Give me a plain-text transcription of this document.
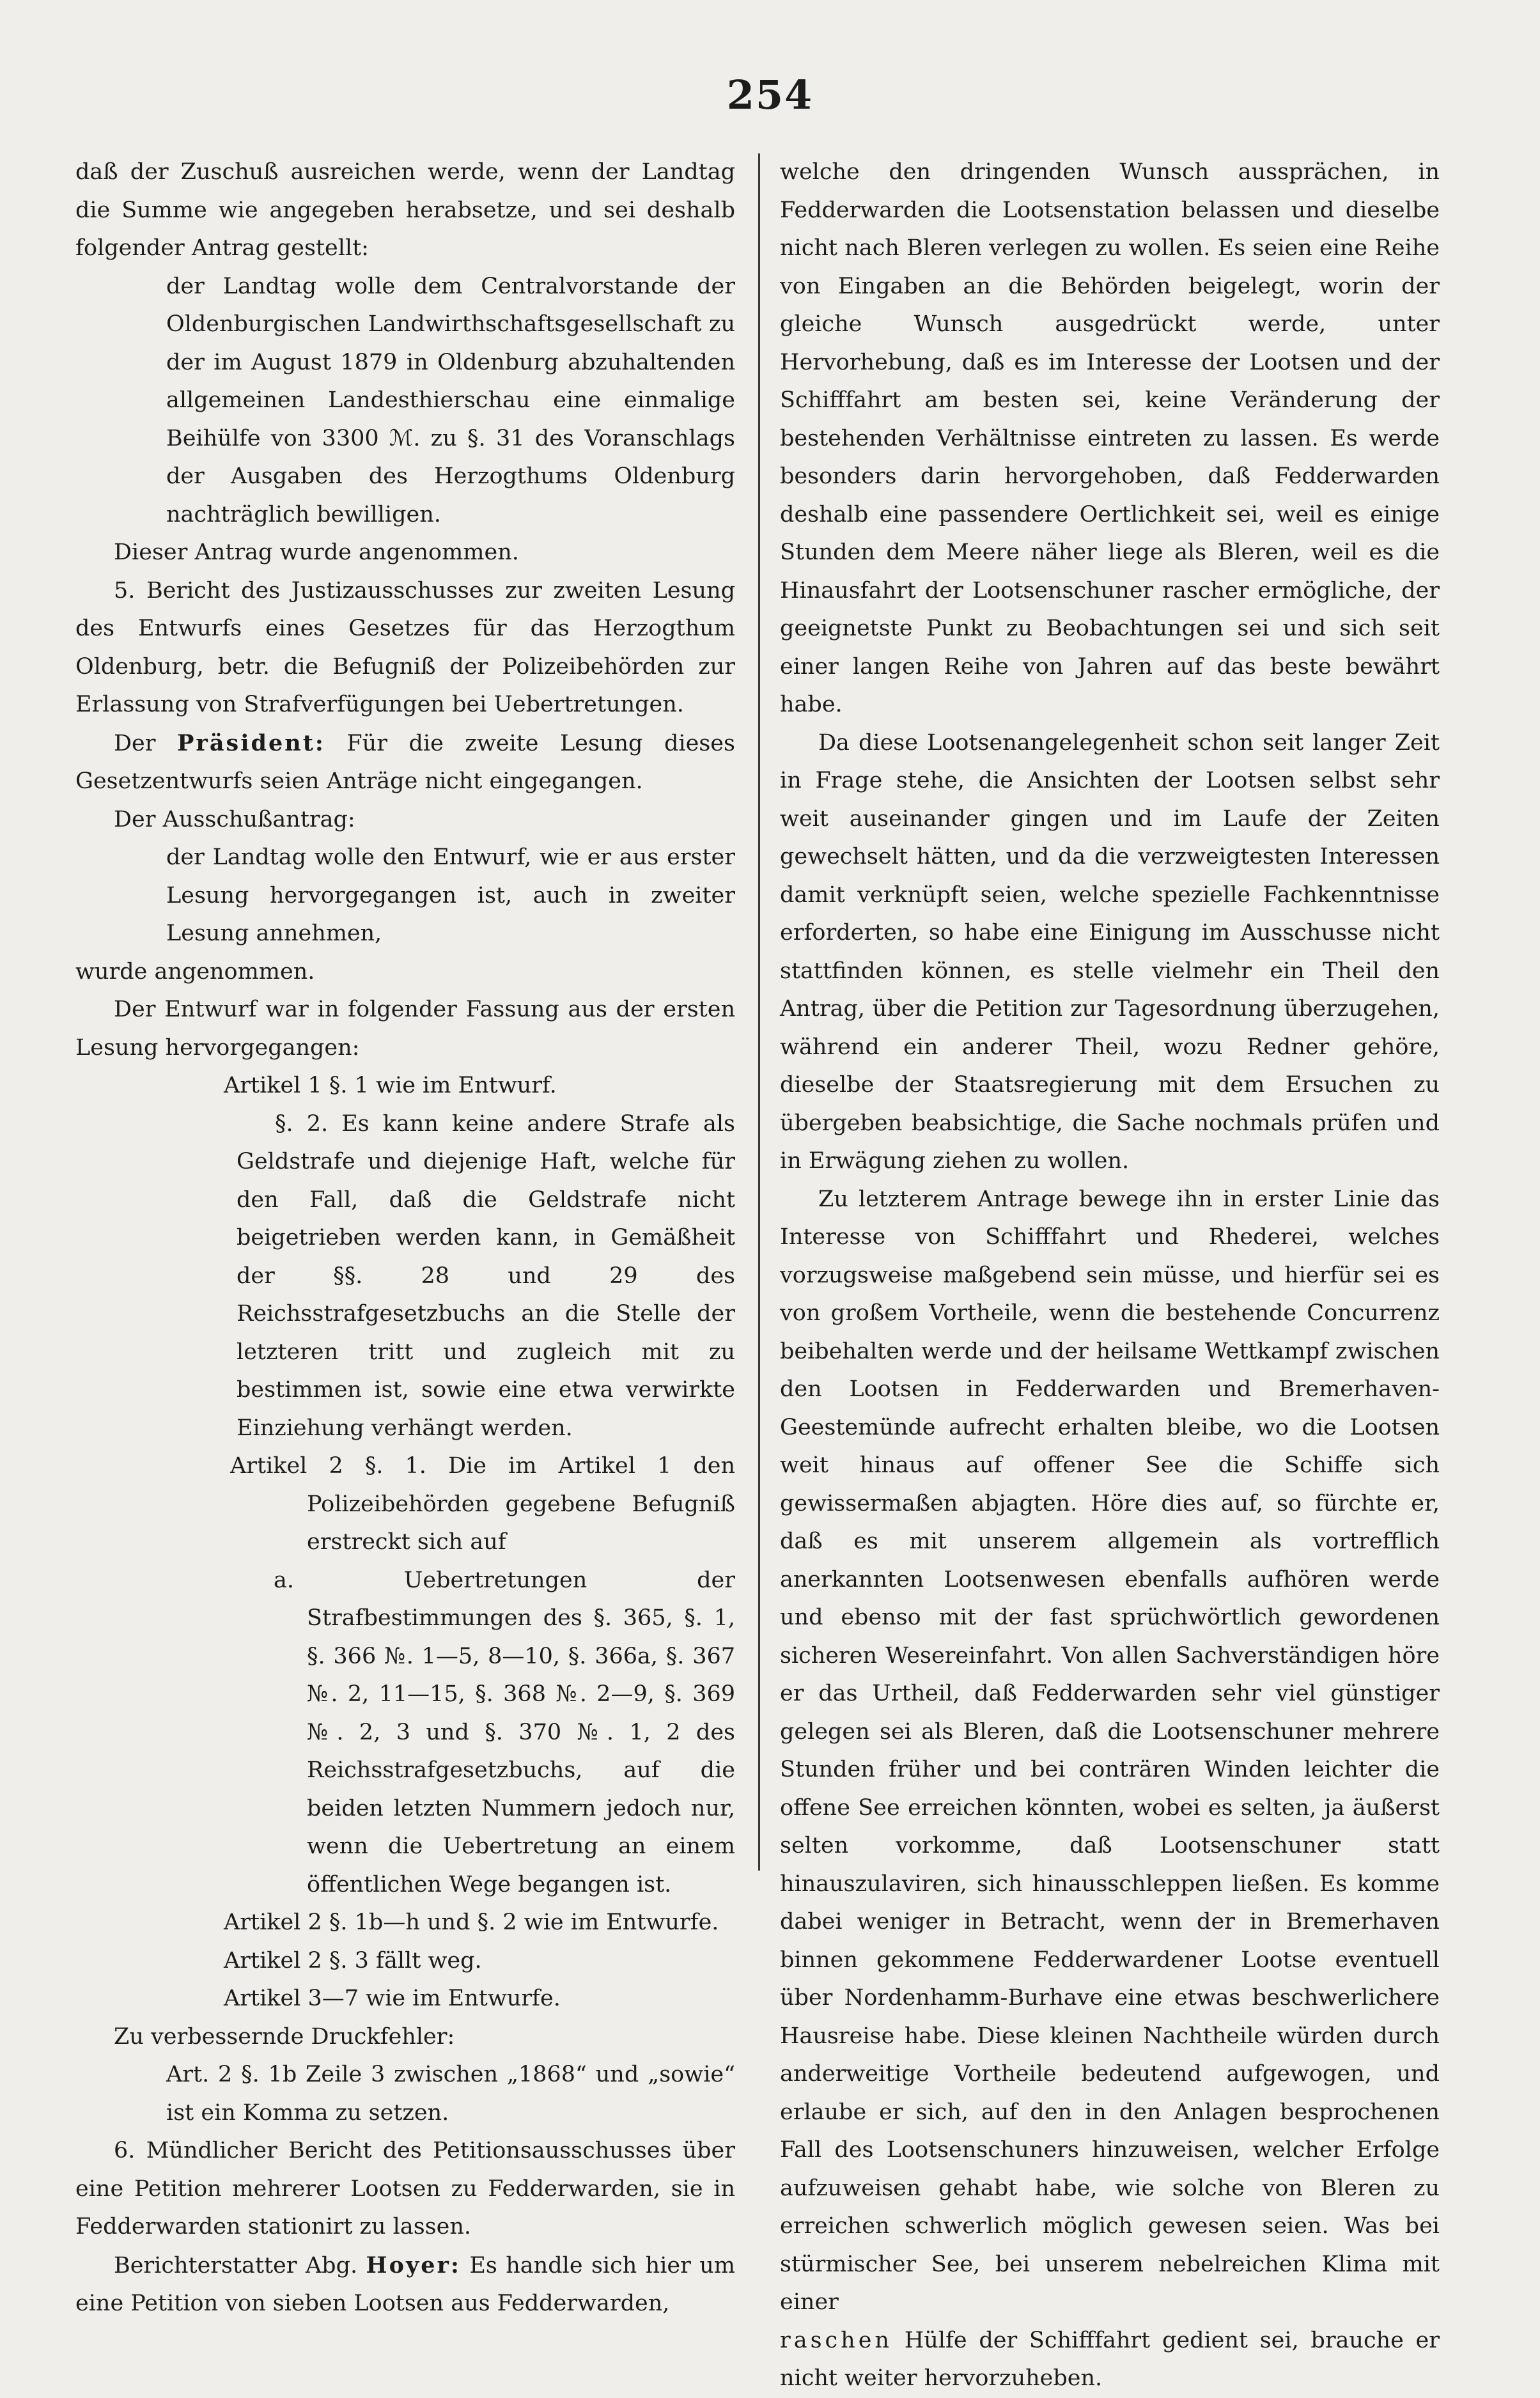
254

daß der Zuschuß ausreichen werde, wenn der Landtag die Summe wie angegeben herabsetze, und sei deshalb folgender Antrag gestellt:

der Landtag wolle dem Centralvorstande der Oldenburgischen Landwirthschaftsgesellschaft zu der im August 1879 in Oldenburg abzuhaltenden allgemeinen Landesthierschau eine einmalige Beihülfe von 3300 ℳ. zu §. 31 des Voranschlags der Ausgaben des Herzogthums Oldenburg nachträglich bewilligen.

Dieser Antrag wurde angenommen.

5. Bericht des Justizausschusses zur zweiten Lesung des Entwurfs eines Gesetzes für das Herzogthum Oldenburg, betr. die Befugniß der Polizeibehörden zur Erlassung von Strafverfügungen bei Uebertretungen.

Der Präsident: Für die zweite Lesung dieses Gesetzentwurfs seien Anträge nicht eingegangen.

Der Ausschußantrag:

der Landtag wolle den Entwurf, wie er aus erster Lesung hervorgegangen ist, auch in zweiter Lesung annehmen,

wurde angenommen.

Der Entwurf war in folgender Fassung aus der ersten Lesung hervorgegangen:

Artikel 1 §. 1 wie im Entwurf.

§. 2. Es kann keine andere Strafe als Geldstrafe und diejenige Haft, welche für den Fall, daß die Geldstrafe nicht beigetrieben werden kann, in Gemäßheit der §§. 28 und 29 des Reichsstrafgesetzbuchs an die Stelle der letzteren tritt und zugleich mit zu bestimmen ist, sowie eine etwa verwirkte Einziehung verhängt werden.

Artikel 2 §. 1. Die im Artikel 1 den Polizeibehörden gegebene Befugniß erstreckt sich auf

a. Uebertretungen der Strafbestimmungen des §. 365, §. 1, §. 366 №. 1—5, 8—10, §. 366a, §. 367 №. 2, 11—15, §. 368 №. 2—9, §. 369 №. 2, 3 und §. 370 №. 1, 2 des Reichsstrafgesetzbuchs, auf die beiden letzten Nummern jedoch nur, wenn die Uebertretung an einem öffentlichen Wege begangen ist.

Artikel 2 §. 1b—h und §. 2 wie im Entwurfe.

Artikel 2 §. 3 fällt weg.

Artikel 3—7 wie im Entwurfe.

Zu verbessernde Druckfehler:

Art. 2 §. 1b Zeile 3 zwischen „1868“ und „sowie“ ist ein Komma zu setzen.

6. Mündlicher Bericht des Petitionsausschusses über eine Petition mehrerer Lootsen zu Fedderwarden, sie in Fedderwarden stationirt zu lassen.

Berichterstatter Abg. Hoyer: Es handle sich hier um eine Petition von sieben Lootsen aus Fedderwarden,

welche den dringenden Wunsch aussprächen, in Fedderwarden die Lootsenstation belassen und dieselbe nicht nach Bleren verlegen zu wollen. Es seien eine Reihe von Eingaben an die Behörden beigelegt, worin der gleiche Wunsch ausgedrückt werde, unter Hervorhebung, daß es im Interesse der Lootsen und der Schifffahrt am besten sei, keine Veränderung der bestehenden Verhältnisse eintreten zu lassen. Es werde besonders darin hervorgehoben, daß Fedderwarden deshalb eine passendere Oertlichkeit sei, weil es einige Stunden dem Meere näher liege als Bleren, weil es die Hinausfahrt der Lootsenschuner rascher ermögliche, der geeignetste Punkt zu Beobachtungen sei und sich seit einer langen Reihe von Jahren auf das beste bewährt habe.

Da diese Lootsenangelegenheit schon seit langer Zeit in Frage stehe, die Ansichten der Lootsen selbst sehr weit auseinander gingen und im Laufe der Zeiten gewechselt hätten, und da die verzweigtesten Interessen damit verknüpft seien, welche spezielle Fachkenntnisse erforderten, so habe eine Einigung im Ausschusse nicht stattfinden können, es stelle vielmehr ein Theil den Antrag, über die Petition zur Tagesordnung überzugehen, während ein anderer Theil, wozu Redner gehöre, dieselbe der Staatsregierung mit dem Ersuchen zu übergeben beabsichtige, die Sache nochmals prüfen und in Erwägung ziehen zu wollen.

Zu letzterem Antrage bewege ihn in erster Linie das Interesse von Schifffahrt und Rhederei, welches vorzugsweise maßgebend sein müsse, und hierfür sei es von großem Vortheile, wenn die bestehende Concurrenz beibehalten werde und der heilsame Wettkampf zwischen den Lootsen in Fedderwarden und Bremerhaven-Geestemünde aufrecht erhalten bleibe, wo die Lootsen weit hinaus auf offener See die Schiffe sich gewissermaßen abjagten. Höre dies auf, so fürchte er, daß es mit unserem allgemein als vortrefflich anerkannten Lootsenwesen ebenfalls aufhören werde und ebenso mit der fast sprüchwörtlich gewordenen sicheren Wesereinfahrt. Von allen Sachverständigen höre er das Urtheil, daß Fedderwarden sehr viel günstiger gelegen sei als Bleren, daß die Lootsenschuner mehrere Stunden früher und bei conträren Winden leichter die offene See erreichen könnten, wobei es selten, ja äußerst selten vorkomme, daß Lootsenschuner statt hinauszulaviren, sich hinausschleppen ließen. Es komme dabei weniger in Betracht, wenn der in Bremerhaven binnen gekommene Fedderwardener Lootse eventuell über Nordenhamm-Burhave eine etwas beschwerlichere Hausreise habe. Diese kleinen Nachtheile würden durch anderweitige Vortheile bedeutend aufgewogen, und erlaube er sich, auf den in den Anlagen besprochenen Fall des Lootsenschuners hinzuweisen, welcher Erfolge aufzuweisen gehabt habe, wie solche von Bleren zu erreichen schwerlich möglich gewesen seien. Was bei stürmischer See, bei unserem nebelreichen Klima mit einer

raschen Hülfe der Schifffahrt gedient sei, brauche er nicht weiter hervorzuheben.
